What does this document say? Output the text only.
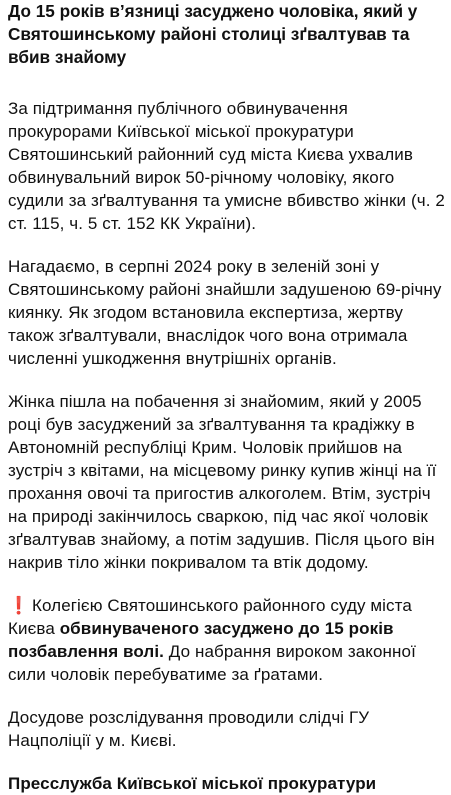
До 15 років в’язниці засуджено чоловіка, який у Святошинському районі столиці зґвалтував та вбив знайому

За підтримання публічного обвинувачення прокурорами Київської міської прокуратури Святошинський районний суд міста Києва ухвалив обвинувальний вирок 50-річному чоловіку, якого судили за зґвалтування та умисне вбивство жінки (ч. 2 ст. 115, ч. 5 ст. 152 КК України).

Нагадаємо, в серпні 2024 року в зеленій зоні у Святошинському районі знайшли задушеною 69-річну киянку. Як згодом встановила експертиза, жертву також зґвалтували, внаслідок чого вона отримала численні ушкодження внутрішніх органів.

Жінка пішла на побачення зі знайомим, який у 2005 році був засуджений за зґвалтування та крадіжку в Автономній республіці Крим. Чоловік прийшов на зустріч з квітами, на місцевому ринку купив жінці на її прохання овочі та пригостив алкоголем. Втім, зустріч на природі закінчилось сваркою, під час якої чоловік зґвалтував знайому, а потім задушив. Після цього він накрив тіло жінки покривалом та втік додому.

❗ Колегією Святошинського районного суду міста Києва обвинуваченого засуджено до 15 років позбавлення волі. До набрання вироком законної сили чоловік перебуватиме за ґратами.

Досудове розслідування проводили слідчі ГУ Нацполіції у м. Києві.

Пресслужба Київської міської прокуратури
